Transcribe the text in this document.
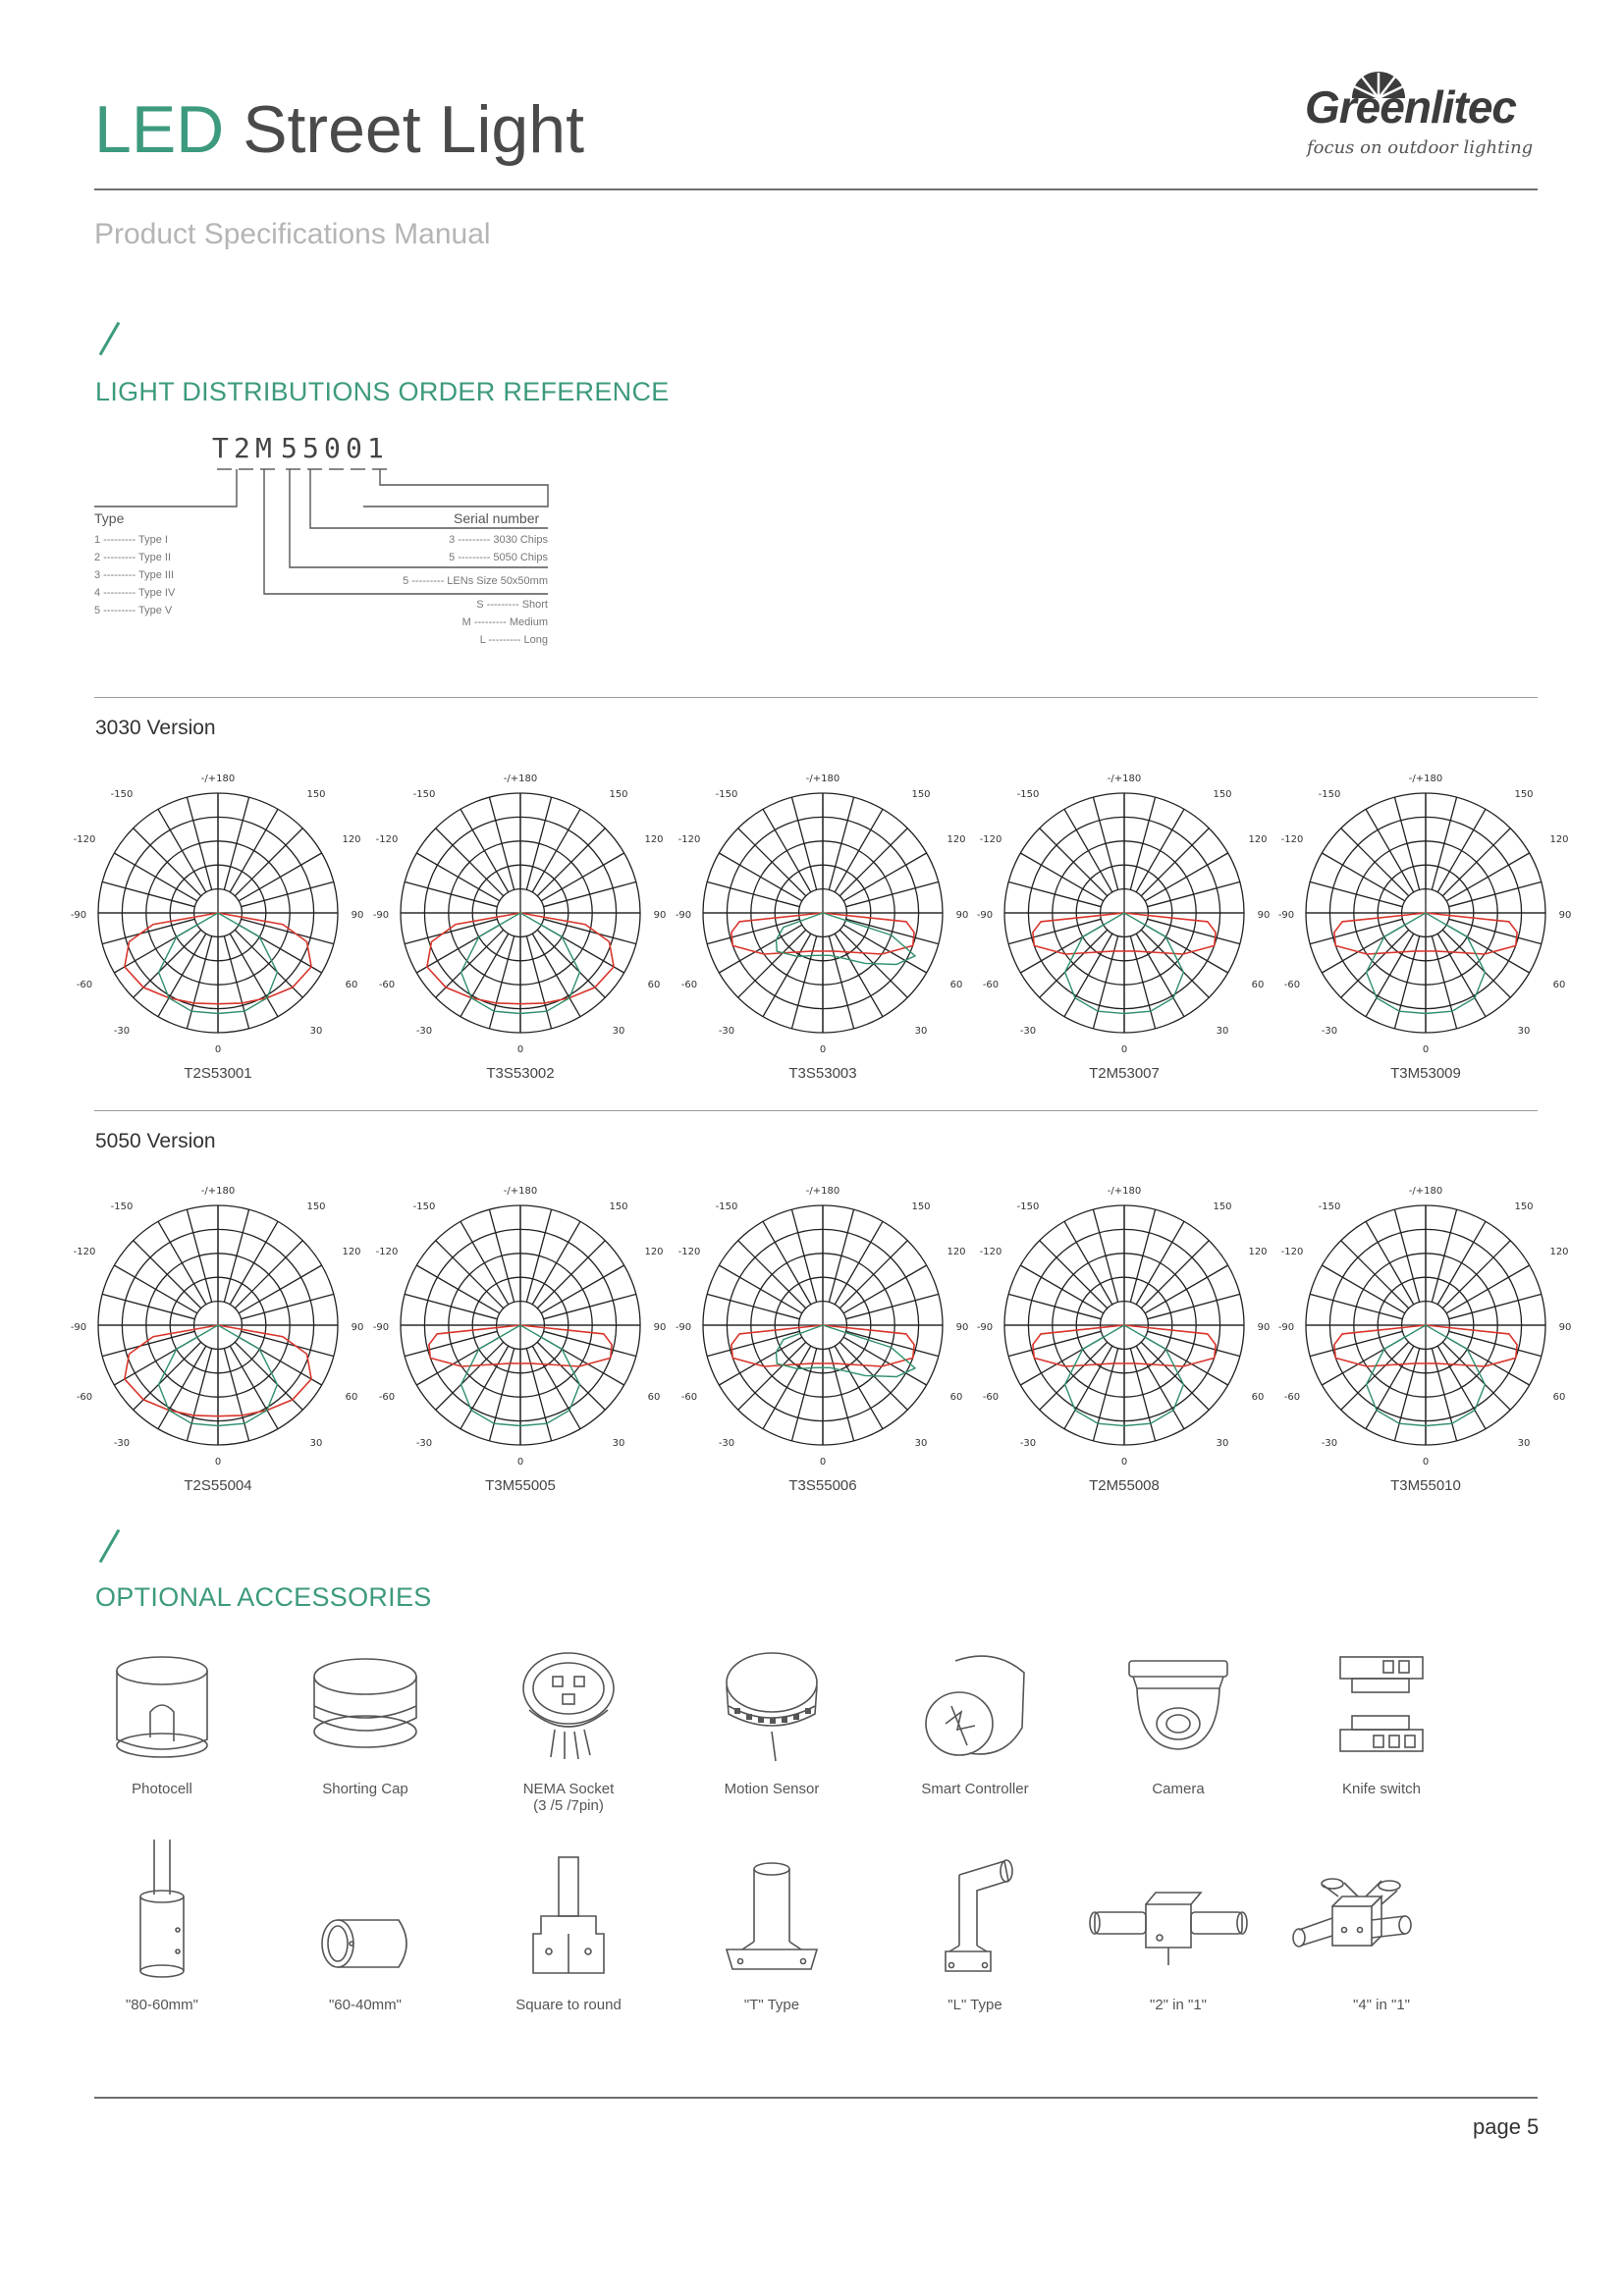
LED Street Light	Greenlitec
focus on outdoor lighting
Product Specifications Manual
LIGHT DISTRIBUTIONS ORDER REFERENCE
T 2 M 5 5 0 0 1
Type	Serial number
1 --------- Type I
2 --------- Type II
3 --------- Type III
4 --------- Type IV
5 --------- Type V
3 --------- 3030 Chips
5 --------- 5050 Chips
5 --------- LENs Size 50x50mm
S --------- Short
M --------- Medium
L --------- Long
3030 Version
-/+180
-150	150
-120	120
-90	90
-60	60
-30	30
0
T2S53001
-/+180
-150	150
-120	120
-90	90
-60	60
-30	30
0
T3S53002
-/+180
-150	150
-120	120
-90	90
-60	60
-30	30
0
T3S53003
-/+180
-150	150
-120	120
-90	90
-60	60
-30	30
0
T2M53007
-/+180
-150	150
-120	120
-90	90
-60	60
-30	30
0
T3M53009
5050 Version
-/+180
-150	150
-120	120
-90	90
-60	60
-30	30
0
T2S55004
-/+180
-150	150
-120	120
-90	90
-60	60
-30	30
0
T3M55005
-/+180
-150	150
-120	120
-90	90
-60	60
-30	30
0
T3S55006
-/+180
-150	150
-120	120
-90	90
-60	60
-30	30
0
T2M55008
-/+180
-150	150
-120	120
-90	90
-60	60
-30	30
0
T3M55010
OPTIONAL ACCESSORIES
Photocell	Shorting Cap	NEMA Socket
(3 /5 /7pin)
Motion Sensor	Smart Controller	Camera	Knife switch
"80-60mm"	"60-40mm"	Square to round	"T" Type	"L" Type	"2" in "1"	"4" in "1"
page 5
